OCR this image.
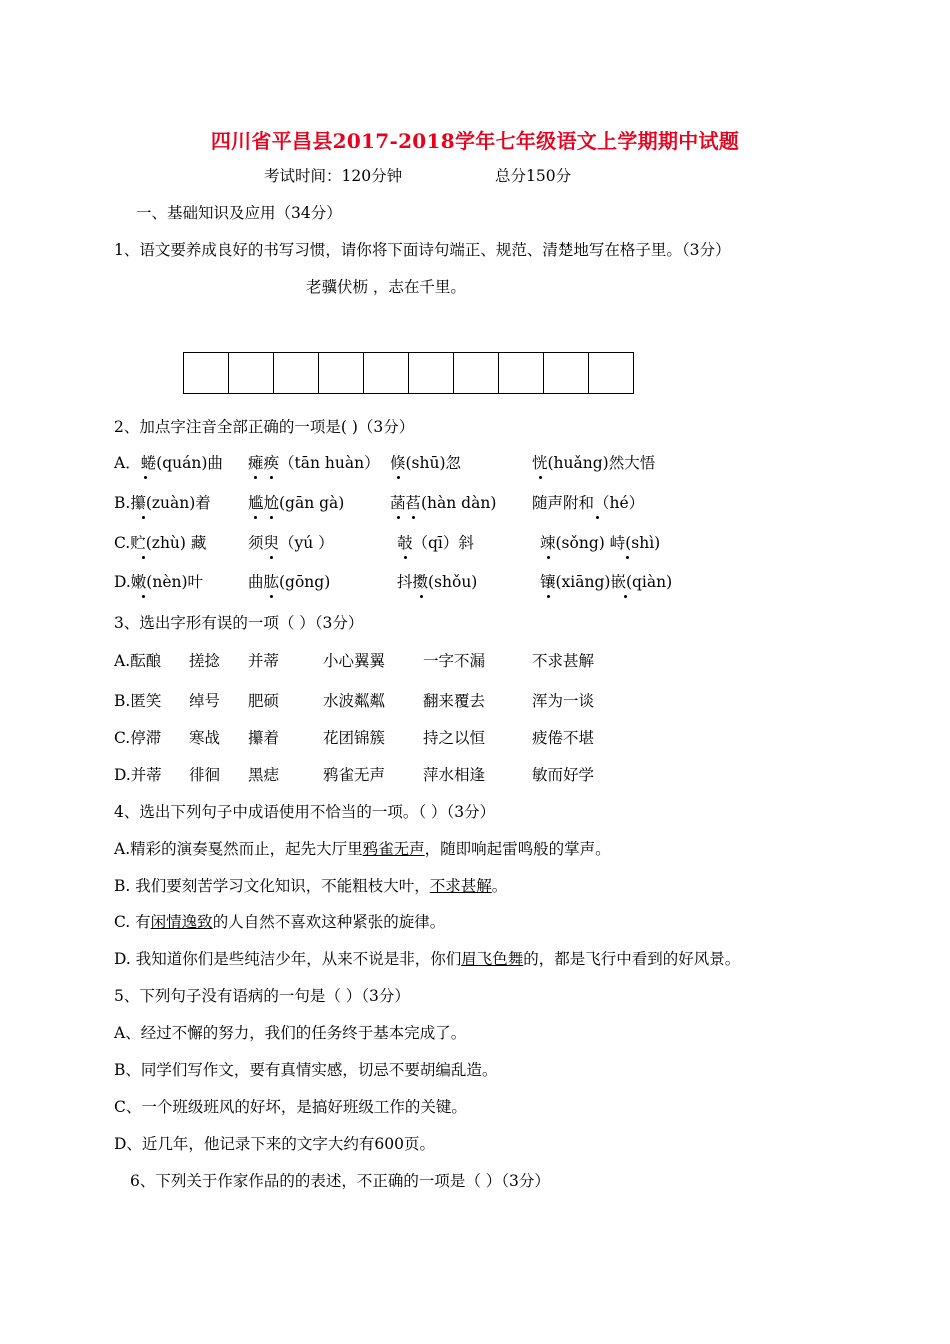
四川省平昌县2017-2018学年七年级语文上学期期中试题
考试时间：120分钟	总分150分
一、基础知识及应用（34分）
1、语文要养成良好的书写习惯，请你将下面诗句端正、规范、清楚地写在格子里。（3分）
老骥伏枥 ，志在千里。
2、加点字注音全部正确的一项是( )（3分）
A．蜷(quán)曲 瘫痪（tān huàn） 倏(shū)忽	恍(huǎng)然大悟
B.攥(zuàn)着 尴尬(gān gà)	菡萏(hàn dàn) 随声附和（hé）
C.贮(zhù) 藏	须臾（yú ）	攲（qī）斜	竦(sǒng) 峙(shì)
D.嫩(nèn)叶	曲肱(gōng)	抖擞(shǒu)	镶(xiāng)嵌(qiàn)
3、选出字形有误的一项（ ）（3分）
A.酝酿 搓捻 并蒂	小心翼翼 一字不漏	不求甚解
B.匿笑 绰号 肥硕	水波粼粼 翻来覆去	浑为一谈
C.停滞 寒战 攥着	花团锦簇 持之以恒	疲倦不堪
D.并蒂 徘徊 黑痣	鸦雀无声 萍水相逢	敏而好学
4、选出下列句子中成语使用不恰当的一项。（ ）（3分）
A.精彩的演奏戛然而止，起先大厅里鸦雀无声，随即响起雷鸣般的掌声。
B. 我们要刻苦学习文化知识，不能粗枝大叶，不求甚解。
C. 有闲情逸致的人自然不喜欢这种紧张的旋律。
D. 我知道你们是些纯洁少年，从来不说是非，你们眉飞色舞的，都是飞行中看到的好风景。
5、下列句子没有语病的一句是（ ）（3分）
A、经过不懈的努力，我们的任务终于基本完成了。
B、同学们写作文，要有真情实感，切忌不要胡编乱造。
C、一个班级班风的好坏，是搞好班级工作的关键。
D、近几年，他记录下来的文字大约有600页。
6、下列关于作家作品的的表述，不正确的一项是（ ）（3分）
